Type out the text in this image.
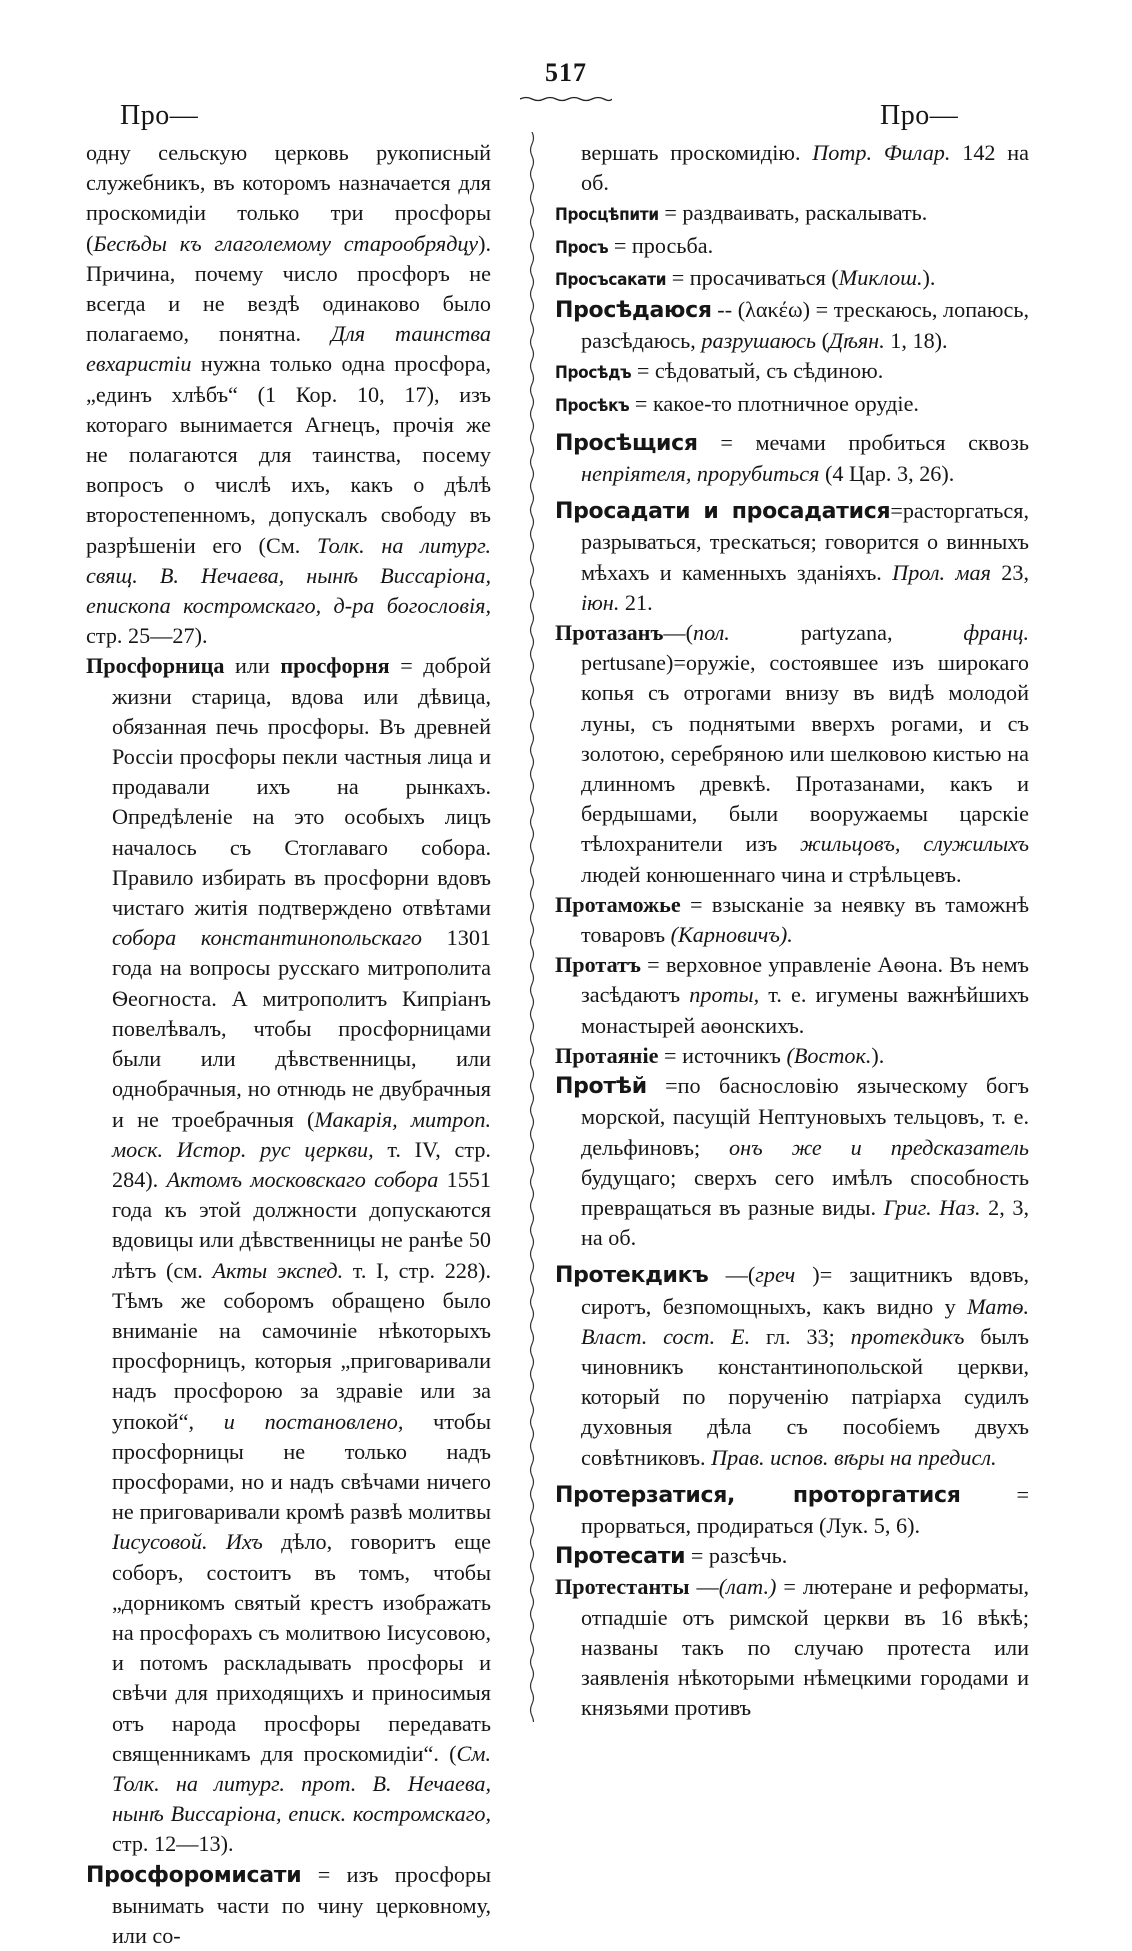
517
Про—	Про—

одну сельскую церковь рукописный служебникъ, въ которомъ назначается для проскомидіи только три просфоры (Бесѣды къ глаголемому старообрядцу). Причина, почему число просфоръ не всегда и не вездѣ одинаково было полагаемо, понятна. Для таинства евхаристіи нужна только одна просфора, „единъ хлѣбъ“ (1 Кор. 10, 17), изъ котораго вынимается Агнецъ, прочія же не полагаются для таинства, посему вопросъ о числѣ ихъ, какъ о дѣлѣ второстепенномъ, допускалъ свободу въ разрѣшеніи его (См. Толк. на литург. свящ. В. Нечаева, нынѣ Виссаріона, епископа костромскаго, д-ра богословія, стр. 25—27).

Просфорница или просфорня = доброй жизни старица, вдова или дѣвица, обязанная печь просфоры. Въ древней Россіи просфоры пекли частныя лица и продавали ихъ на рынкахъ. Опредѣленіе на это особыхъ лицъ началось съ Стоглаваго собора. Правило избирать въ просфорни вдовъ чистаго житія подтверждено отвѣтами собора константинопольскаго 1301 года на вопросы русскаго митрополита Ѳеогноста. А митрополитъ Кипріанъ повелѣвалъ, чтобы просфорницами были или дѣвственницы, или однобрачныя, но отнюдь не двубрачныя и не троебрачныя (Макарія, митроп. моск. Истор. рус церкви, т. IV, стр. 284). Актомъ московскаго собора 1551 года къ этой должности допускаются вдовицы или дѣвственницы не ранѣе 50 лѣтъ (см. Акты экспед. т. I, стр. 228). Тѣмъ же соборомъ обращено было вниманіе на самочиніе нѣкоторыхъ просфорницъ, которыя „приговаривали надъ просфорою за здравіе или за упокой“, и постановлено, чтобы просфорницы не только надъ просфорами, но и надъ свѣчами ничего не приговаривали кромѣ развѣ молитвы Іисусовой. Ихъ дѣло, говоритъ еще соборъ, состоитъ въ томъ, чтобы „дорникомъ святый крестъ изображать на просфорахъ съ молитвою Іисусовою, и потомъ раскладывать просфоры и свѣчи для приходящихъ и приносимыя отъ народа просфоры передавать священникамъ для проскомидіи“. (См. Толк. на литург. прот. В. Нечаева, нынѣ Виссаріона, еписк. костромскаго, стр. 12—13).

Просфоромисати = изъ просфоры вынимать части по чину церковному, или со-

вершать проскомидію. Потр. Филар. 142 на об.

Просцѣпити = раздваивать, раскалывать.

Просъ = просьба.

Просъсакати = просачиваться (Миклош.).

Просѣдаюся -- (λακέω) = трескаюсь, лопаюсь, разсѣдаюсь, разрушаюсь (Дѣян. 1, 18).

Просѣдъ = сѣдоватый, съ сѣдиною.

Просѣкъ = какое-то плотничное орудіе.

Просѣщися = мечами пробиться сквозь непріятеля, прорубиться (4 Цар. 3, 26).

Просадати и просадатися=расторгаться, разрываться, трескаться; говорится о винныхъ мѣхахъ и каменныхъ зданіяхъ. Прол. мая 23, іюн. 21.

Протазанъ—(пол. partyzana, франц. pertusane)=оружіе, состоявшее изъ широкаго копья съ отрогами внизу въ видѣ молодой луны, съ поднятыми вверхъ рогами, и съ золотою, серебряною или шелковою кистью на длинномъ древкѣ. Протазанами, какъ и бердышами, были вооружаемы царскіе тѣлохранители изъ жильцовъ, служилыхъ людей конюшеннаго чина и стрѣльцевъ.

Протаможье = взысканіе за неявку въ таможнѣ товаровъ (Карновичъ).

Протатъ = верховное управленіе Аѳона. Въ немъ засѣдаютъ проты, т. е. игумены важнѣйшихъ монастырей аѳонскихъ.

Протаяніе = источникъ (Восток.).

Протѣй =по баснословію языческому богъ морской, пасущій Нептуновыхъ тельцовъ, т. е. дельфиновъ; онъ же и предсказатель будущаго; сверхъ сего имѣлъ способность превращаться въ разные виды. Григ. Наз. 2, 3, на об.

Протекдикъ —(греч )= защитникъ вдовъ, сиротъ, безпомощныхъ, какъ видно у Матѳ. Власт. сост. Е. гл. 33; протекдикъ былъ чиновникъ константинопольской церкви, который по порученію патріарха судилъ духовныя дѣла съ пособіемъ двухъ совѣтниковъ. Прав. испов. вѣры на предисл.

Протерзатися, проторгатися = прорваться, продираться (Лук. 5, 6).

Протесати = разсѣчь.

Протестанты —(лат.) = лютеране и реформаты, отпадшіе отъ римской церкви въ 16 вѣкѣ; названы такъ по случаю протеста или заявленія нѣкоторыми нѣмецкими городами и князьями противъ
